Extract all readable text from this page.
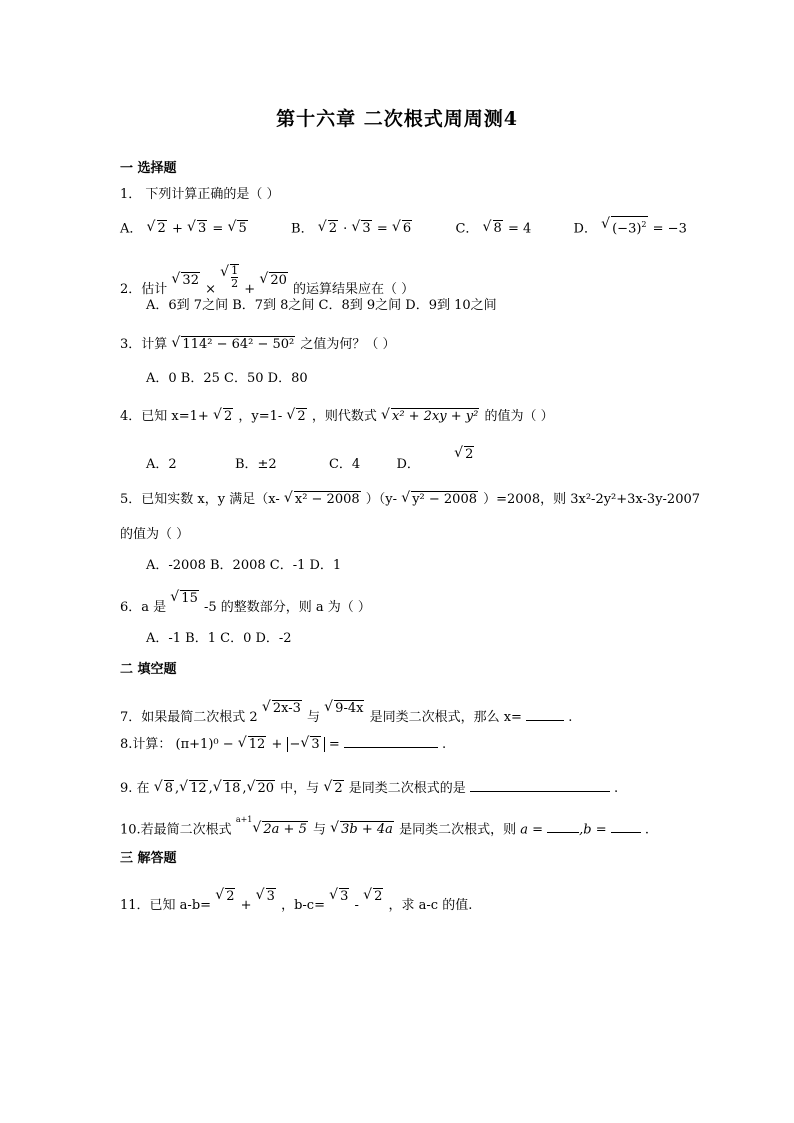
第十六章 二次根式周周测4
一 选择题
1． 下列计算正确的是（ ）
A． √ 2 + √ 3 = √ 5	B． √ 2 · √ 3 = √ 6	C． √ 8 = 4	D． √ $(-3)^2 = -3$
2．估计 √ 32 × √ $\frac{1}{2}$ + √ 20 的运算结果应在（ ）
A．6到 7之间 B．7到 8之间 C．8到 9之间 D．9到 10之间
3．计算 √ 114² − 64² − 50² 之值为何？（ ）
A．0 B．25 C．50 D．80
4．已知 x=1+ √ 2 ，y=1- √ 2 ，则代数式 √ x² + 2xy + y² 的值为（ ）
A．2	B．±2	C．4	D．  √ 2
5．已知实数 x，y 满足（x- √ x² − 2008 ）（y- √ y² − 2008 ）=2008，则 3x²-2y²+3x-3y-2007
的值为（ ）
A．-2008 B．2008 C．-1 D．1
6．a 是 √ 15 -5 的整数部分，则 a 为（ ）
A．-1 B．1 C．0 D．-2
二 填空题
7．如果最简二次根式 2 √ 2x-3 与 √ 9-4x 是同类二次根式，那么 x=	.
8.计算： (π+1)⁰ − √ 12 + − √ 3 =	.
9. 在 √ 8 , √ 12 , √ 18 , √ 20 中，与 √ 2 是同类二次根式的是	.
10.若最简二次根式 $^{a+1}$√ 2a + 5 与 √ 3b + 4a 是同类二次根式，则 a = ,b =	.
三 解答题
11．已知 a-b= √ 2 + √ 3 ，b-c= √ 3 - √ 2 ，求 a-c 的值.
